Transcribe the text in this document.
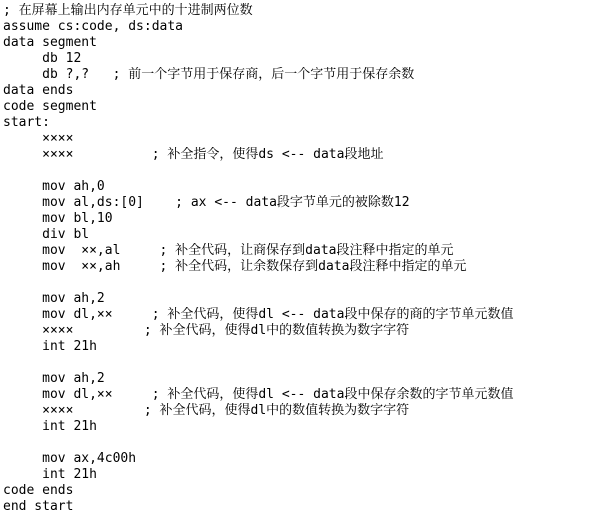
; 在屏幕上输出内存单元中的十进制两位数
assume cs:code, ds:data
data segment
db 12
db ?,?   ; 前一个字节用于保存商，后一个字节用于保存余数
data ends
code segment
start:
××××
××××          ; 补全指令，使得ds <-- data段地址
mov ah,0
mov al,ds:[0]    ; ax <-- data段字节单元的被除数12
mov bl,10
div bl
mov  ××,al     ; 补全代码，让商保存到data段注释中指定的单元
mov  ××,ah     ; 补全代码，让余数保存到data段注释中指定的单元
mov ah,2
mov dl,××     ; 补全代码，使得dl <-- data段中保存的商的字节单元数值
××××         ; 补全代码，使得dl中的数值转换为数字字符
int 21h
mov ah,2
mov dl,××     ; 补全代码，使得dl <-- data段中保存余数的字节单元数值
××××         ; 补全代码，使得dl中的数值转换为数字字符
int 21h
mov ax,4c00h
int 21h
code ends
end start
